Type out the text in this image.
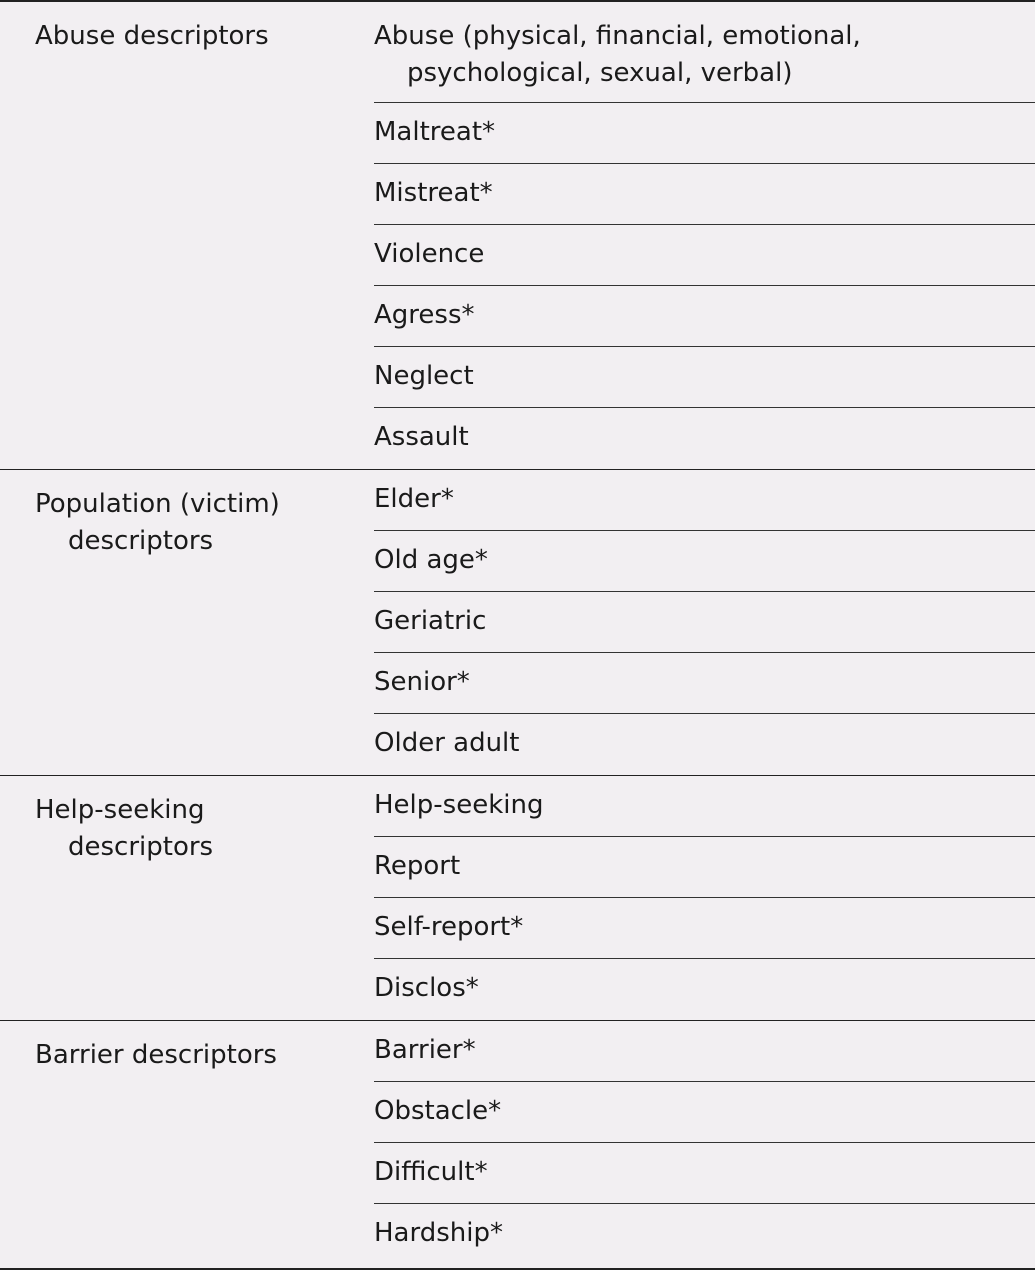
Abuse descriptors	Abuse (physical, financial, emotional, psychological, sexual, verbal)
Maltreat*
Mistreat*
Violence
Agress*
Neglect
Assault
Population (victim) descriptors
Elder*
Old age*
Geriatric
Senior*
Older adult
Help-seeking descriptors
Help-seeking
Report
Self-report*
Disclos*
Barrier descriptors	Barrier*
Obstacle*
Difficult*
Hardship*
